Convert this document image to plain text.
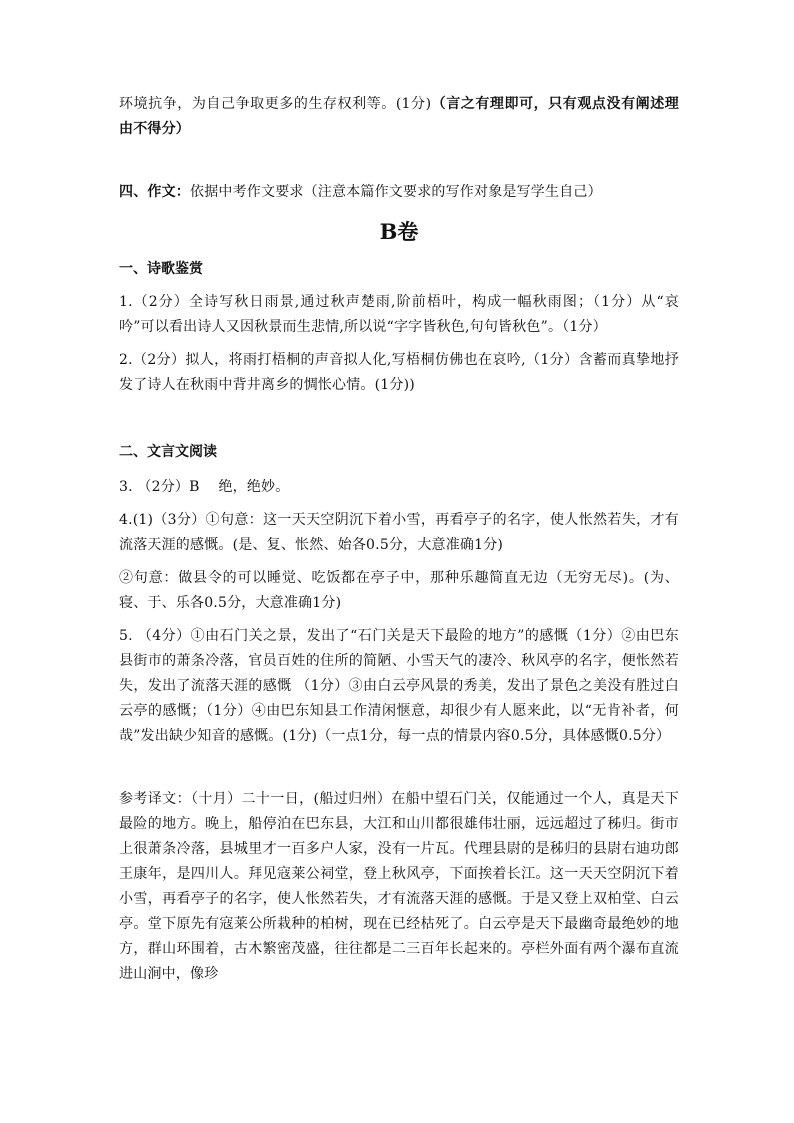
环境抗争，为自己争取更多的生存权利等。(1分)（言之有理即可，只有观点没有阐述理由不得分）

四、作文：依据中考作文要求（注意本篇作文要求的写作对象是写学生自己）

B卷

一、诗歌鉴赏

1.（2分）全诗写秋日雨景,通过秋声楚雨,阶前梧叶，构成一幅秋雨图；（1分）从“哀吟”可以看出诗人又因秋景而生悲情,所以说“字字皆秋色,句句皆秋色”。（1分）

2.（2分）拟人，将雨打梧桐的声音拟人化,写梧桐仿佛也在哀吟,（1分）含蓄而真挚地抒发了诗人在秋雨中背井离乡的惆怅心情。(1分))

二、文言文阅读

3. （2分）B　 绝，绝妙。

4.(1)（3分）①句意：这一天天空阴沉下着小雪，再看亭子的名字，使人怅然若失，才有流落天涯的感慨。(是、复、怅然、始各0.5分，大意准确1分)

②句意：做县令的可以睡觉、吃饭都在亭子中，那种乐趣简直无边（无穷无尽)。(为、寝、于、乐各0.5分，大意准确1分)

5. （4分）①由石门关之景，发出了“石门关是天下最险的地方”的感慨（1分）②由巴东县街市的萧条冷落，官员百姓的住所的简陋、小雪天气的凄冷、秋风亭的名字，便怅然若失，发出了流落天涯的感慨 （1分）③由白云亭风景的秀美，发出了景色之美没有胜过白云亭的感慨；（1分）④由巴东知县工作清闲惬意，却很少有人愿来此，以“无肯补者，何哉”发出缺少知音的感慨。(1分)（一点1分，每一点的情景内容0.5分，具体感慨0.5分）

参考译文：（十月）二十一日，(船过归州）在船中望石门关，仅能通过一个人，真是天下最险的地方。晚上，船停泊在巴东县，大江和山川都很雄伟壮丽，远远超过了秭归。街市上很萧条冷落，县城里才一百多户人家，没有一片瓦。代理县尉的是秭归的县尉右迪功郎王康年，是四川人。拜见寇莱公祠堂，登上秋风亭，下面挨着长江。这一天天空阴沉下着小雪，再看亭子的名字，使人怅然若失，才有流落天涯的感慨。于是又登上双柏堂、白云亭。堂下原先有寇莱公所栽种的柏树，现在已经枯死了。白云亭是天下最幽奇最绝妙的地方，群山环围着，古木繁密茂盛，往往都是二三百年长起来的。亭栏外面有两个瀑布直流进山涧中，像珍
